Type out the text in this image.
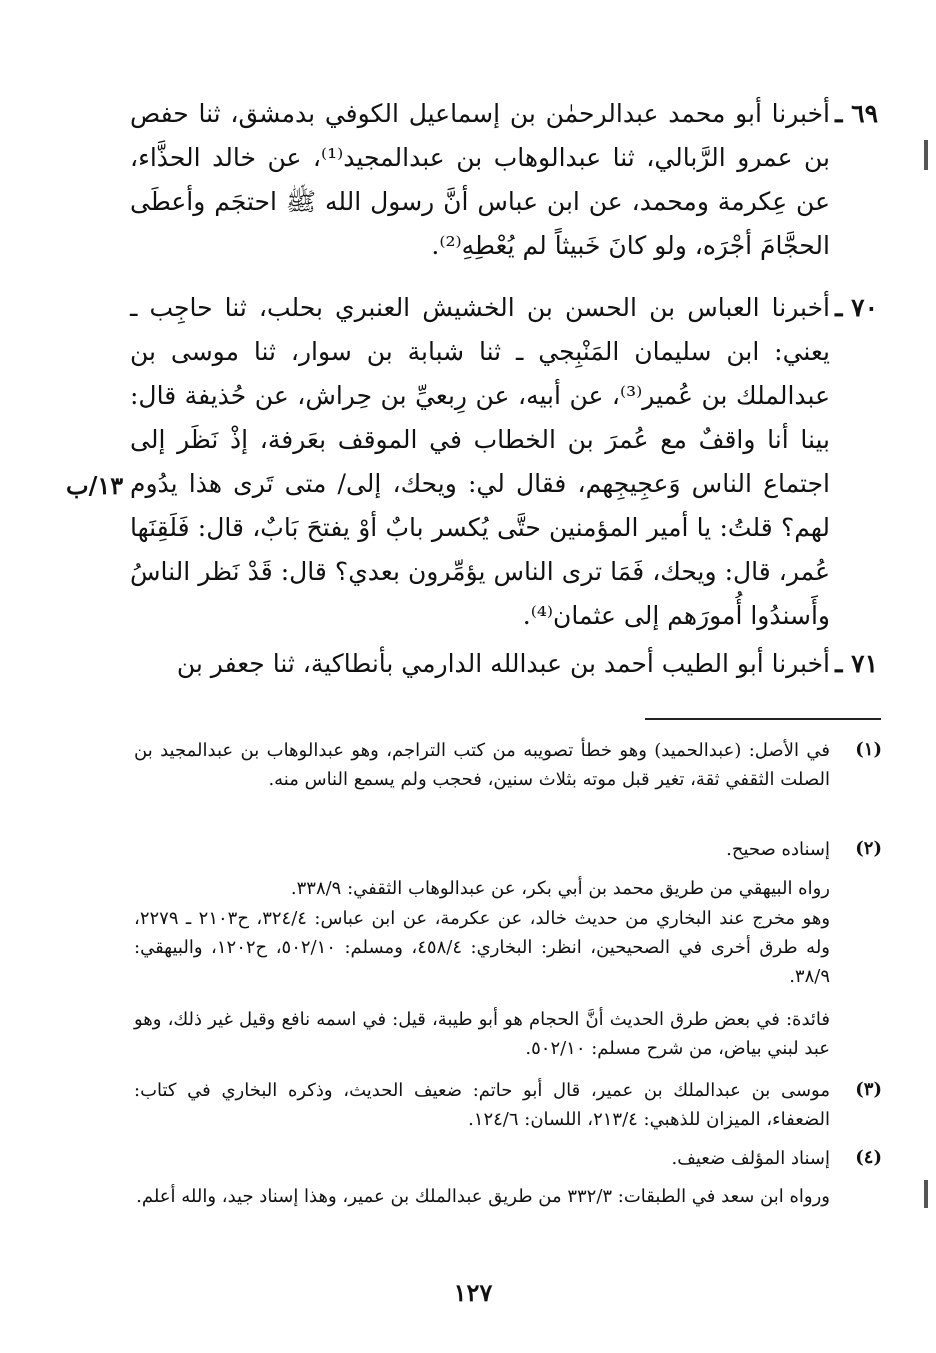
٦٩ ـ
أخبرنا أبو محمد عبدالرحمٰن بن إسماعيل الكوفي بدمشق، ثنا حفص بن عمرو الرَّبالي، ثنا عبدالوهاب بن عبدالمجيد⁽¹⁾، عن خالد الحذَّاء، عن عِكرمة ومحمد، عن ابن عباس أنَّ رسول الله ﷺ احتجَم وأعطَى الحجَّامَ أجْرَه، ولو كانَ خَبيثاً لم يُعْطِهِ⁽²⁾.
٧٠ ـ
أخبرنا العباس بن الحسن بن الخشيش العنبري بحلب، ثنا حاجِب ـ يعني: ابن سليمان المَنْبِجي ـ ثنا شبابة بن سوار، ثنا موسى بن عبدالملك بن عُمير⁽³⁾، عن أبيه، عن رِبعيِّ بن حِراش، عن حُذيفة قال: بينا أنا واقفٌ مع عُمرَ بن الخطاب في الموقف بعَرفة، إذْ نَظَر إلى اجتماع الناس وَعجِيجِهم، فقال لي: ويحك، إلى/ متى تَرى هذا يدُوم لهم؟ قلتُ: يا أمير المؤمنين حتَّى يُكسر بابٌ أوْ يفتحَ بَابٌ، قال: فَلَقِنَها عُمر، قال: ويحك، فَمَا ترى الناس يؤمِّرون بعدي؟ قال: قَدْ نَظر الناسُ وأَسندُوا أُمورَهم إلى عثمان⁽⁴⁾.
١٣/ب
٧١ ـ
أخبرنا أبو الطيب أحمد بن عبدالله الدارمي بأنطاكية، ثنا جعفر بن
(١)
في الأصل: (عبدالحميد) وهو خطأ تصويبه من كتب التراجم، وهو عبدالوهاب بن عبدالمجيد بن الصلت الثقفي ثقة، تغير قبل موته بثلاث سنين، فحجب ولم يسمع الناس منه.
(٢)
إسناده صحيح.
رواه البيهقي من طريق محمد بن أبي بكر، عن عبدالوهاب الثقفي: ٣٣٨/٩.
وهو مخرج عند البخاري من حديث خالد، عن عكرمة، عن ابن عباس: ٣٢٤/٤، ح٢١٠٣ ـ ٢٢٧٩، وله طرق أخرى في الصحيحين، انظر: البخاري: ٤٥٨/٤، ومسلم: ٥٠٢/١٠، ح١٢٠٢، والبيهقي: ٣٨/٩.
فائدة: في بعض طرق الحديث أنَّ الحجام هو أبو طيبة، قيل: في اسمه نافع وقيل غير ذلك، وهو عبد لبني بياض، من شرح مسلم: ٥٠٢/١٠.
(٣)
موسى بن عبدالملك بن عمير، قال أبو حاتم: ضعيف الحديث، وذكره البخاري في كتاب: الضعفاء، الميزان للذهبي: ٢١٣/٤، اللسان: ١٢٤/٦.
(٤)
إسناد المؤلف ضعيف.
ورواه ابن سعد في الطبقات: ٣٣٢/٣ من طريق عبدالملك بن عمير، وهذا إسناد جيد، والله أعلم.
١٢٧
